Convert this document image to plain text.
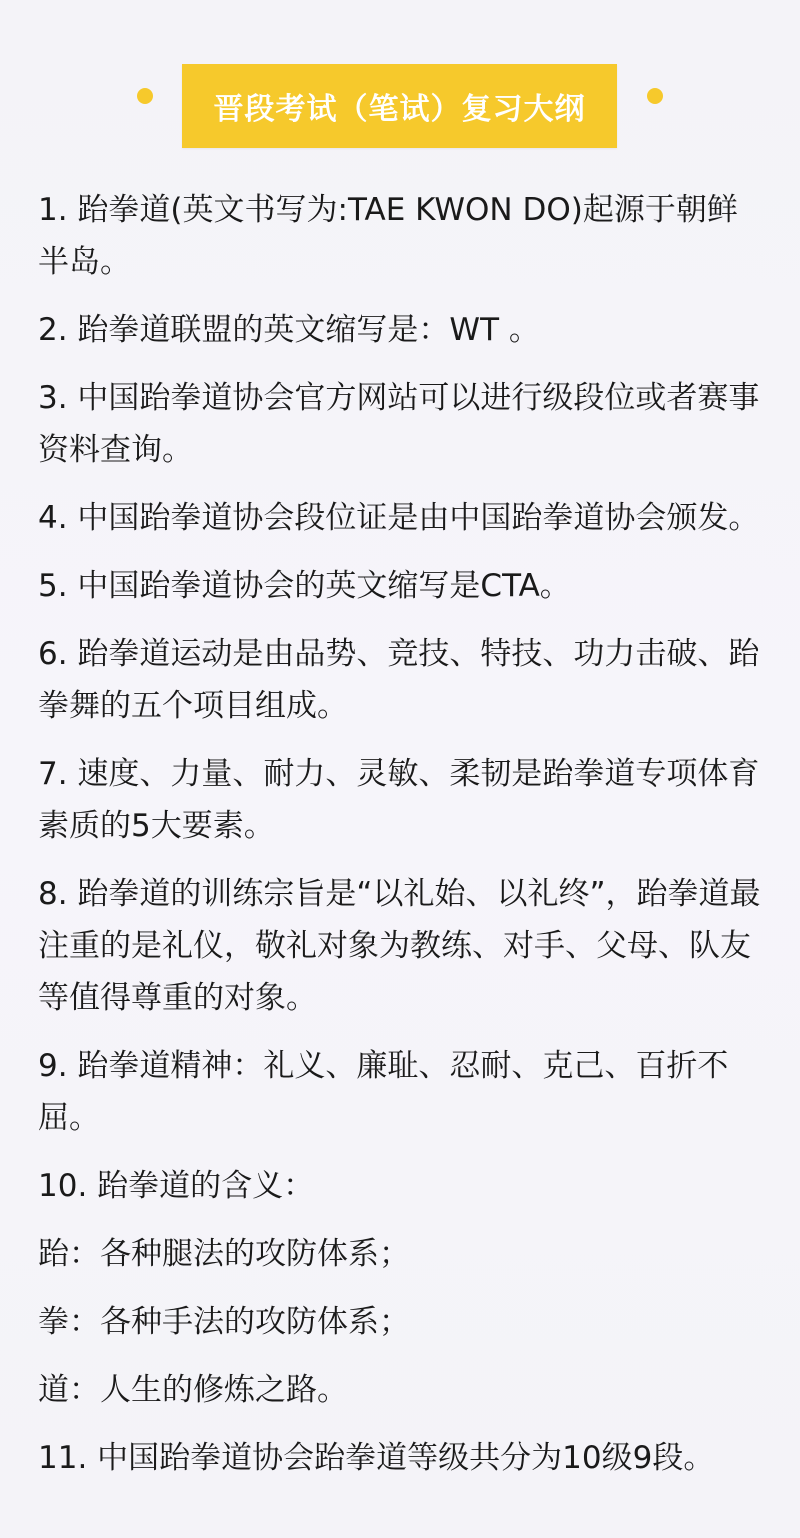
晋段考试（笔试）复习大纲

1. 跆拳道(英文书写为:TAE KWON DO)起源于朝鲜半岛。

2. 跆拳道联盟的英文缩写是：WT 。

3. 中国跆拳道协会官方网站可以进行级段位或者赛事资料查询。

4. 中国跆拳道协会段位证是由中国跆拳道协会颁发。

5. 中国跆拳道协会的英文缩写是CTA。

6. 跆拳道运动是由品势、竞技、特技、功力击破、跆拳舞的五个项目组成。

7. 速度、力量、耐力、灵敏、柔韧是跆拳道专项体育素质的5大要素。

8. 跆拳道的训练宗旨是“以礼始、以礼终”，跆拳道最注重的是礼仪，敬礼对象为教练、对手、父母、队友等值得尊重的对象。

9. 跆拳道精神：礼义、廉耻、忍耐、克己、百折不屈。

10. 跆拳道的含义：

跆：各种腿法的攻防体系；

拳：各种手法的攻防体系；

道：人生的修炼之路。

11. 中国跆拳道协会跆拳道等级共分为10级9段。
